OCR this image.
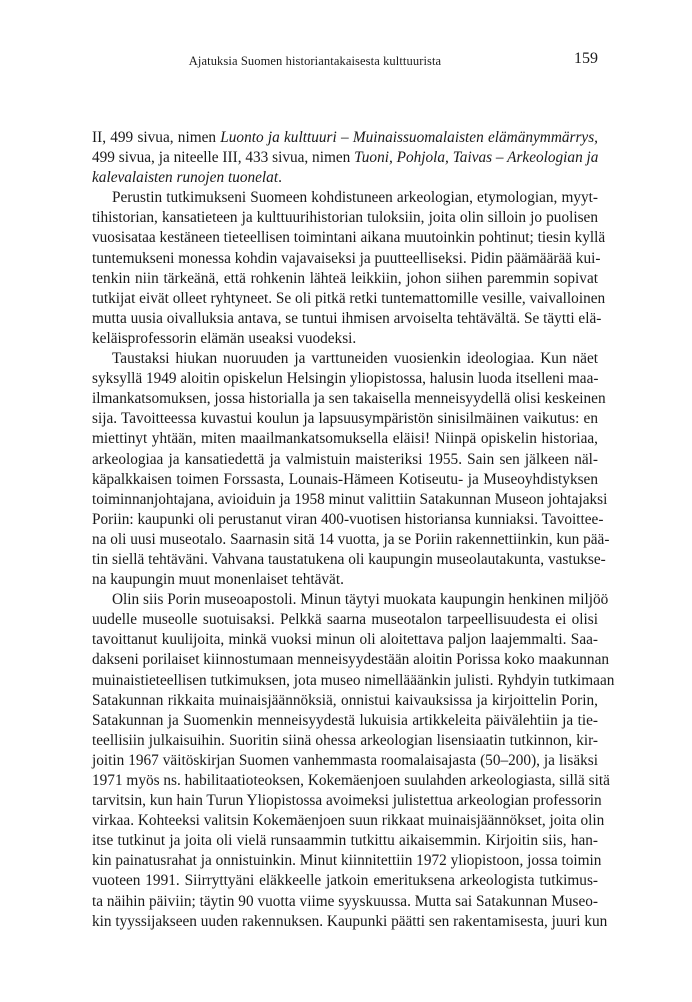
Ajatuksia Suomen historiantakaisesta kulttuurista	159
II, 499 sivua, nimen Luonto ja kulttuuri – Muinaissuomalaisten elämänymmärrys,
499 sivua, ja niteelle III, 433 sivua, nimen Tuoni, Pohjola, Taivas – Arkeologian ja
kalevalaisten runojen tuonelat.
Perustin tutkimukseni Suomeen kohdistuneen arkeologian, etymologian, myyt-
tihistorian, kansatieteen ja kulttuurihistorian tuloksiin, joita olin silloin jo puolisen
vuosisataa kestäneen tieteellisen toimintani aikana muutoinkin pohtinut; tiesin kyllä
tuntemukseni monessa kohdin vajavaiseksi ja puutteelliseksi. Pidin päämäärää kui-
tenkin niin tärkeänä, että rohkenin lähteä leikkiin, johon siihen paremmin sopivat
tutkijat eivät olleet ryhtyneet. Se oli pitkä retki tuntemattomille vesille, vaivalloinen
mutta uusia oivalluksia antava, se tuntui ihmisen arvoiselta tehtävältä. Se täytti elä-
keläisprofessorin elämän useaksi vuodeksi.
Taustaksi hiukan nuoruuden ja varttuneiden vuosienkin ideologiaa. Kun näet
syksyllä 1949 aloitin opiskelun Helsingin yliopistossa, halusin luoda itselleni maa-
ilmankatsomuksen, jossa historialla ja sen takaisella menneisyydellä olisi keskeinen
sija. Tavoitteessa kuvastui koulun ja lapsuusympäristön sinisilmäinen vaikutus: en
miettinyt yhtään, miten maailmankatsomuksella eläisi! Niinpä opiskelin historiaa,
arkeologiaa ja kansatiedettä ja valmistuin maisteriksi 1955. Sain sen jälkeen näl-
käpalkkaisen toimen Forssasta, Lounais-Hämeen Kotiseutu- ja Museoyhdistyksen
toiminnanjohtajana, avioiduin ja 1958 minut valittiin Satakunnan Museon johtajaksi
Poriin: kaupunki oli perustanut viran 400-vuotisen historiansa kunniaksi. Tavoittee-
na oli uusi museotalo. Saarnasin sitä 14 vuotta, ja se Poriin rakennettiinkin, kun pää-
tin siellä tehtäväni. Vahvana taustatukena oli kaupungin museolautakunta, vastukse-
na kaupungin muut monenlaiset tehtävät.
Olin siis Porin museoapostoli. Minun täytyi muokata kaupungin henkinen miljöö
uudelle museolle suotuisaksi. Pelkkä saarna museotalon tarpeellisuudesta ei olisi
tavoittanut kuulijoita, minkä vuoksi minun oli aloitettava paljon laajemmalti. Saa-
dakseni porilaiset kiinnostumaan menneisyydestään aloitin Porissa koko maakunnan
muinaistieteellisen tutkimuksen, jota museo nimellääänkin julisti. Ryhdyin tutkimaan
Satakunnan rikkaita muinaisjäännöksiä, onnistui kaivauksissa ja kirjoittelin Porin,
Satakunnan ja Suomenkin menneisyydestä lukuisia artikkeleita päivälehtiin ja tie-
teellisiin julkaisuihin. Suoritin siinä ohessa arkeologian lisensiaatin tutkinnon, kir-
joitin 1967 väitöskirjan Suomen vanhemmasta roomalaisajasta (50–200), ja lisäksi
1971 myös ns. habilitaatioteoksen, Kokemäenjoen suulahden arkeologiasta, sillä sitä
tarvitsin, kun hain Turun Yliopistossa avoimeksi julistettua arkeologian professorin
virkaa. Kohteeksi valitsin Kokemäenjoen suun rikkaat muinaisjäännökset, joita olin
itse tutkinut ja joita oli vielä runsaammin tutkittu aikaisemmin. Kirjoitin siis, han-
kin painatusrahat ja onnistuinkin. Minut kiinnitettiin 1972 yliopistoon, jossa toimin
vuoteen 1991. Siirryttyäni eläkkeelle jatkoin emerituksena arkeologista tutkimus-
ta näihin päiviin; täytin 90 vuotta viime syyskuussa. Mutta sai Satakunnan Museo-
kin tyyssijakseen uuden rakennuksen. Kaupunki päätti sen rakentamisesta, juuri kun
